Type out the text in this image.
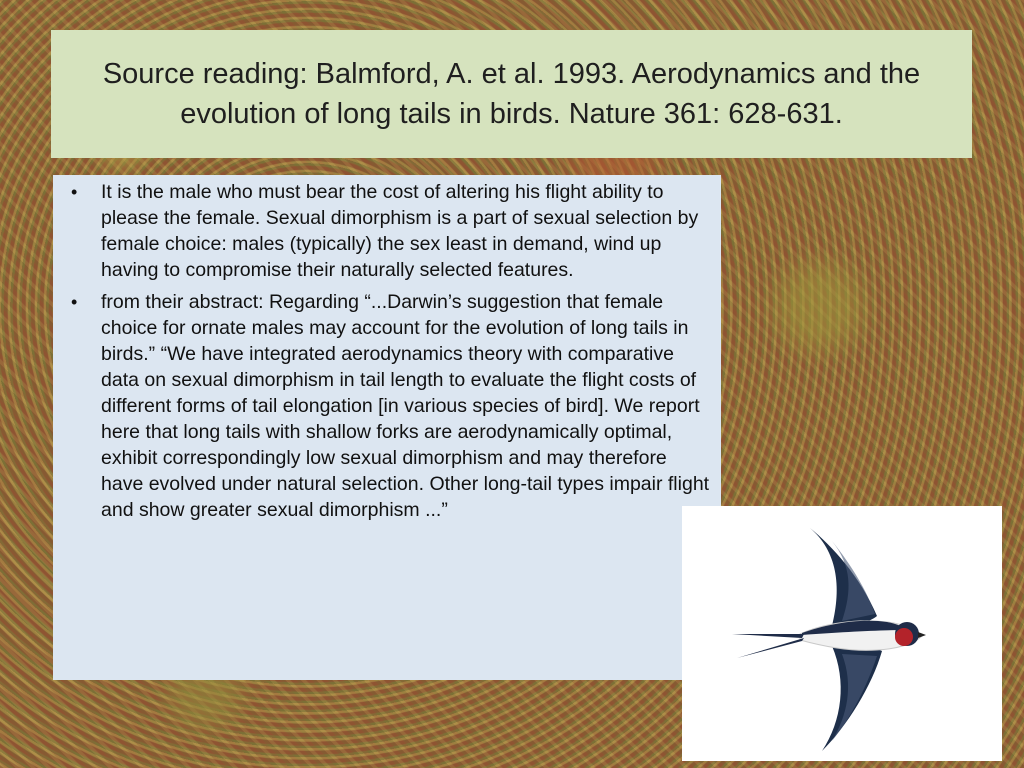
Source reading: Balmford, A. et al. 1993. Aerodynamics and the evolution of long tails in birds. Nature 361: 628-631.
• It is the male who must bear the cost of altering his flight ability to please the female. Sexual dimorphism is a part of sexual selection by female choice: males (typically) the sex least in demand, wind up having to compromise their naturally selected features.
• from their abstract: Regarding “...Darwin’s suggestion that female choice for ornate males may account for the evolution of long tails in birds.” “We have integrated aerodynamics theory with comparative data on sexual dimorphism in tail length to evaluate the flight costs of different forms of tail elongation [in various species of bird]. We report here that long tails with shallow forks are aerodynamically optimal, exhibit correspondingly low sexual dimorphism and may therefore have evolved under natural selection. Other long-tail types impair flight and show greater sexual dimorphism ...”
